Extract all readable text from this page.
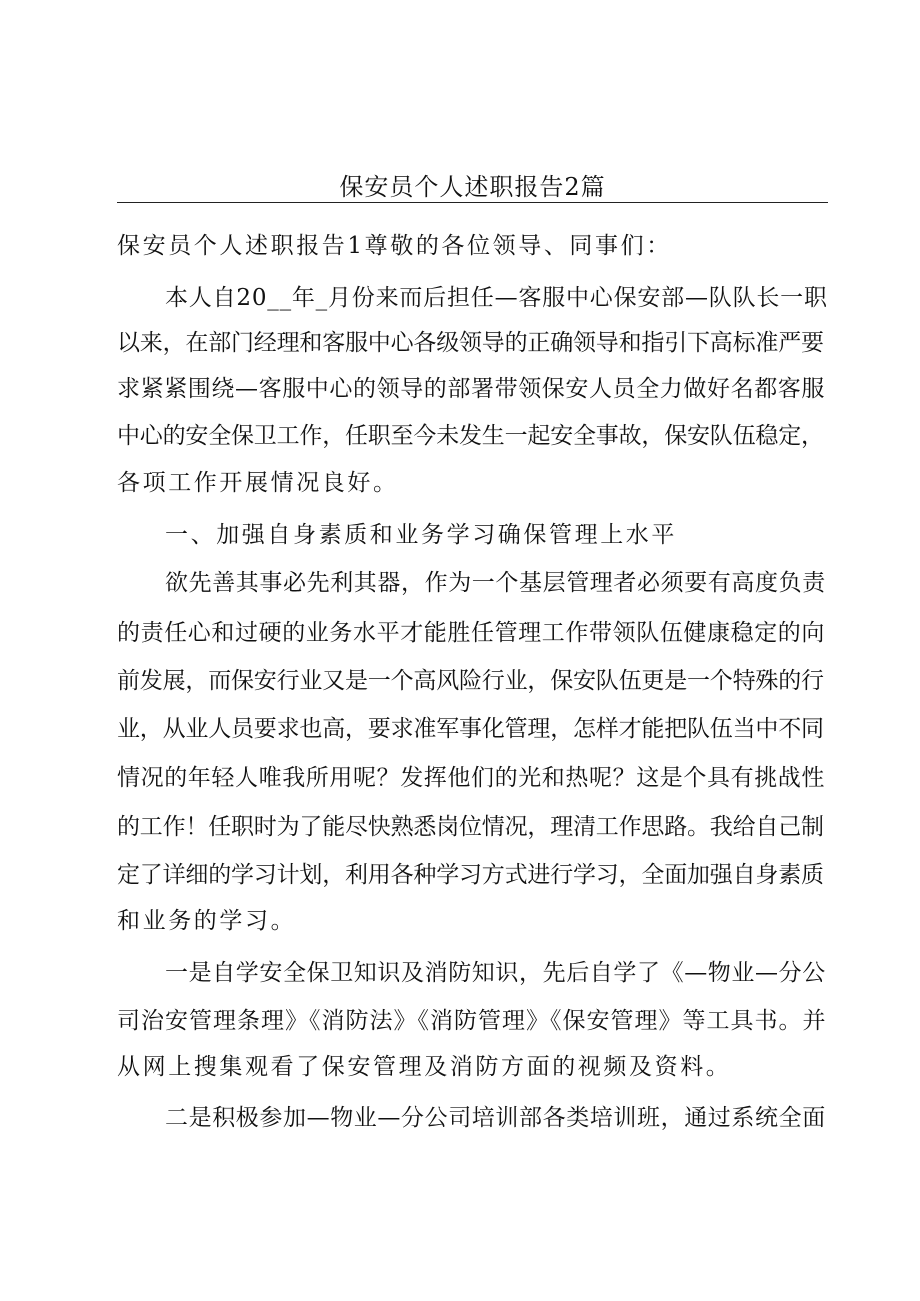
保安员个人述职报告2篇
保安员个人述职报告1尊敬的各位领导、同事们：
本人自20__年_月份来而后担任—客服中心保安部—队队长一职
以来，在部门经理和客服中心各级领导的正确领导和指引下高标准严要
求紧紧围绕—客服中心的领导的部署带领保安人员全力做好名都客服
中心的安全保卫工作，任职至今未发生一起安全事故，保安队伍稳定，
各项工作开展情况良好。
一、加强自身素质和业务学习确保管理上水平
欲先善其事必先利其器，作为一个基层管理者必须要有高度负责
的责任心和过硬的业务水平才能胜任管理工作带领队伍健康稳定的向
前发展，而保安行业又是一个高风险行业，保安队伍更是一个特殊的行
业，从业人员要求也高，要求准军事化管理，怎样才能把队伍当中不同
情况的年轻人唯我所用呢？发挥他们的光和热呢？这是个具有挑战性
的工作！任职时为了能尽快熟悉岗位情况，理清工作思路。我给自己制
定了详细的学习计划，利用各种学习方式进行学习，全面加强自身素质
和业务的学习。
一是自学安全保卫知识及消防知识，先后自学了《—物业—分公
司治安管理条理》《消防法》《消防管理》《保安管理》等工具书。并
从网上搜集观看了保安管理及消防方面的视频及资料。
二是积极参加—物业—分公司培训部各类培训班，通过系统全面
